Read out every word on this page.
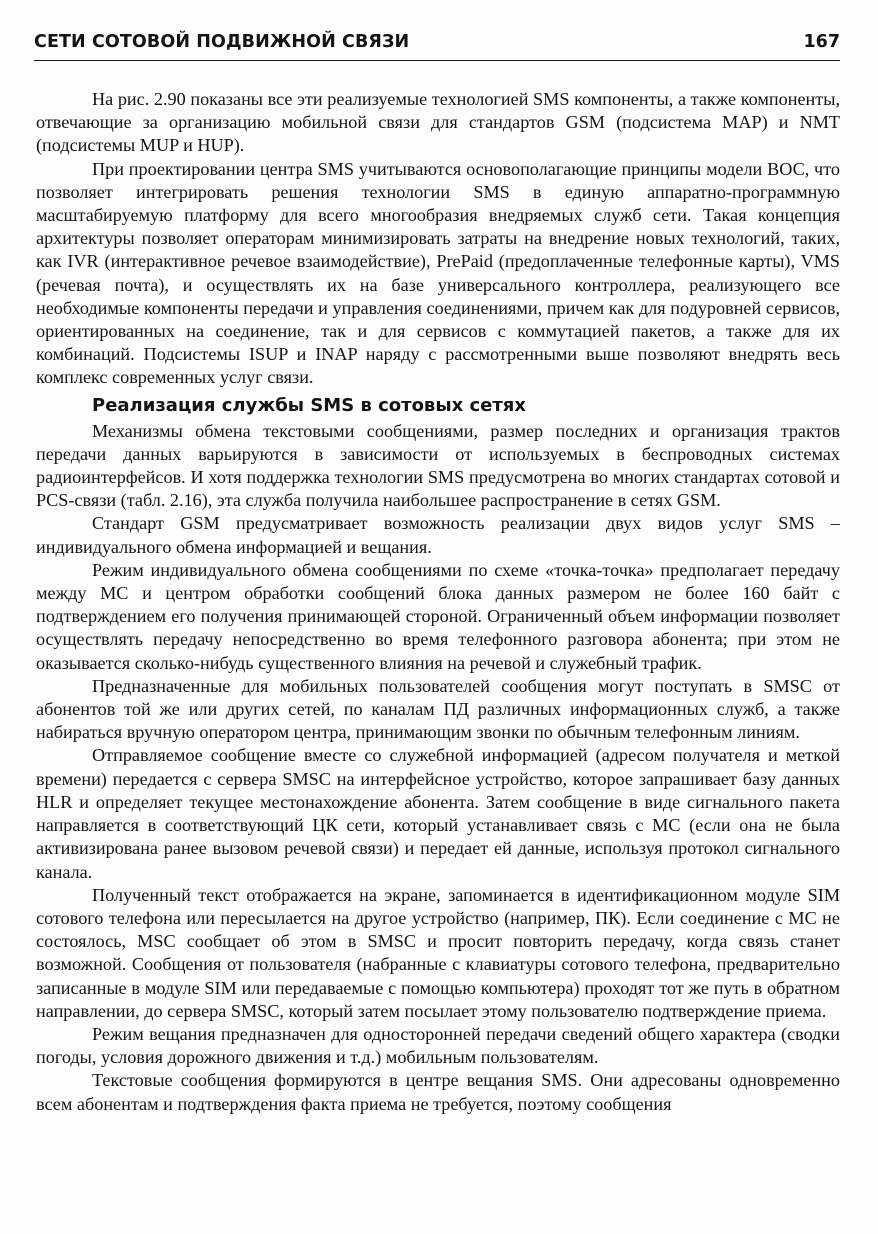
СЕТИ СОТОВОЙ ПОДВИЖНОЙ СВЯЗИ	167

На рис. 2.90 показаны все эти реализуемые технологией SMS компоненты, а также компоненты, отвечающие за организацию мобильной связи для стандартов GSM (подсистема MAP) и NMT (подсистемы MUP и HUP).

При проектировании центра SMS учитываются основополагающие принципы модели ВОС, что позволяет интегрировать решения технологии SMS в единую аппаратно-программную масштабируемую платформу для всего многообразия внедряемых служб сети. Такая концепция архитектуры позволяет операторам минимизировать затраты на внедрение новых технологий, таких, как IVR (интерактивное речевое взаимодействие), PrePaid (предоплаченные телефонные карты), VMS (речевая почта), и осуществлять их на базе универсального контроллера, реализующего все необходимые компоненты передачи и управления соединениями, причем как для подуровней сервисов, ориентированных на соединение, так и для сервисов с коммутацией пакетов, а также для их комбинаций. Подсистемы ISUP и INAP наряду с рассмотренными выше позволяют внедрять весь комплекс современных услуг связи.

Реализация службы SMS в сотовых сетях

Механизмы обмена текстовыми сообщениями, размер последних и организация трактов передачи данных варьируются в зависимости от используемых в беспроводных системах радиоинтерфейсов. И хотя поддержка технологии SMS предусмотрена во многих стандартах сотовой и PCS-связи (табл. 2.16), эта служба получила наибольшее распространение в сетях GSM.

Стандарт GSM предусматривает возможность реализации двух видов услуг SMS – индивидуального обмена информацией и вещания.

Режим индивидуального обмена сообщениями по схеме «точка-точка» предполагает передачу между МС и центром обработки сообщений блока данных размером не более 160 байт с подтверждением его получения принимающей стороной. Ограниченный объем информации позволяет осуществлять передачу непосредственно во время телефонного разговора абонента; при этом не оказывается сколько-нибудь существенного влияния на речевой и служебный трафик.

Предназначенные для мобильных пользователей сообщения могут поступать в SMSC от абонентов той же или других сетей, по каналам ПД различных информационных служб, а также набираться вручную оператором центра, принимающим звонки по обычным телефонным линиям.

Отправляемое сообщение вместе со служебной информацией (адресом получателя и меткой времени) передается с сервера SMSC на интерфейсное устройство, которое запрашивает базу данных HLR и определяет текущее местонахождение абонента. Затем сообщение в виде сигнального пакета направляется в соответствующий ЦК сети, который устанавливает связь с МС (если она не была активизирована ранее вызовом речевой связи) и передает ей данные, используя протокол сигнального канала.

Полученный текст отображается на экране, запоминается в идентификационном модуле SIM сотового телефона или пересылается на другое устройство (например, ПК). Если соединение с МС не состоялось, MSC сообщает об этом в SMSC и просит повторить передачу, когда связь станет возможной. Сообщения от пользователя (набранные с клавиатуры сотового телефона, предварительно записанные в модуле SIM или передаваемые с помощью компьютера) проходят тот же путь в обратном направлении, до сервера SMSC, который затем посылает этому пользователю подтверждение приема.

Режим вещания предназначен для односторонней передачи сведений общего характера (сводки погоды, условия дорожного движения и т.д.) мобильным пользователям.

Текстовые сообщения формируются в центре вещания SMS. Они адресованы одновременно всем абонентам и подтверждения факта приема не требуется, поэтому сообщения
